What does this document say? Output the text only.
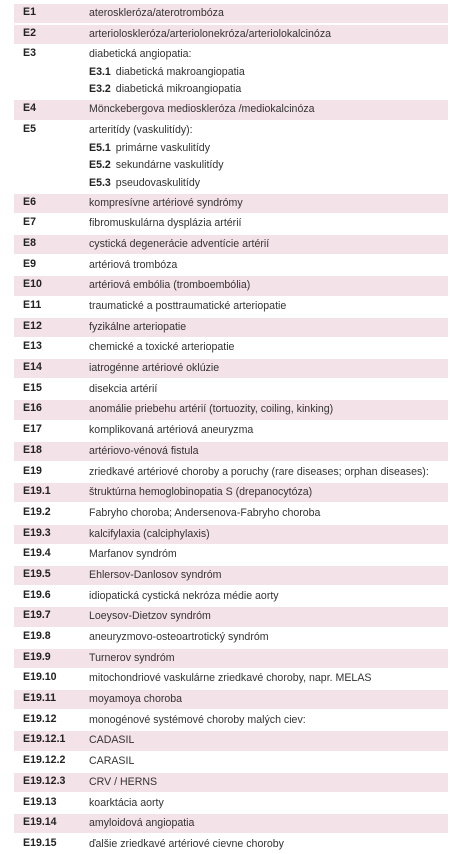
E1	ateroskleróza/aterotrombóza
E2	arterioloskleróza/arteriolonekróza/arteriolokalcinóza
E3	diabetická angiopatia:
E3.1 diabetická makroangiopatia
E3.2 diabetická mikroangiopatia
E4	Mönckebergova medioskleróza /mediokalcinóza
E5	arteritídy (vaskulitídy):
E5.1 primárne vaskulitídy
E5.2 sekundárne vaskulitídy
E5.3 pseudovaskulitídy
E6	kompresívne artériové syndrómy
E7	fibromuskulárna dysplázia artérií
E8	cystická degenerácie adventície artérií
E9	artériová trombóza
E10	artériová embólia (tromboembólia)
E11	traumatické a posttraumatické arteriopatie
E12	fyzikálne arteriopatie
E13	chemické a toxické arteriopatie
E14	iatrogénne artériové oklúzie
E15	disekcia artérií
E16	anomálie priebehu artérií (tortuozity, coiling, kinking)
E17	komplikovaná artériová aneuryzma
E18	artériovo-vénová fistula
E19	zriedkavé artériové choroby a poruchy (rare diseases; orphan diseases):
E19.1	štruktúrna hemoglobinopatia S (drepanocytóza)
E19.2	Fabryho choroba; Andersenova-Fabryho choroba
E19.3	kalcifylaxia (calciphylaxis)
E19.4	Marfanov syndróm
E19.5	Ehlersov-Danlosov syndróm
E19.6	idiopatická cystická nekróza médie aorty
E19.7	Loeysov-Dietzov syndróm
E19.8	aneuryzmovo-osteoartrotický syndróm
E19.9	Turnerov syndróm
E19.10	mitochondriové vaskulárne zriedkavé choroby, napr. MELAS
E19.11	moyamoya choroba
E19.12	monogénové systémové choroby malých ciev:
E19.12.1	CADASIL
E19.12.2	CARASIL
E19.12.3	CRV / HERNS
E19.13	koarktácia aorty
E19.14	amyloidová angiopatia
E19.15	ďalšie zriedkavé artériové cievne choroby
